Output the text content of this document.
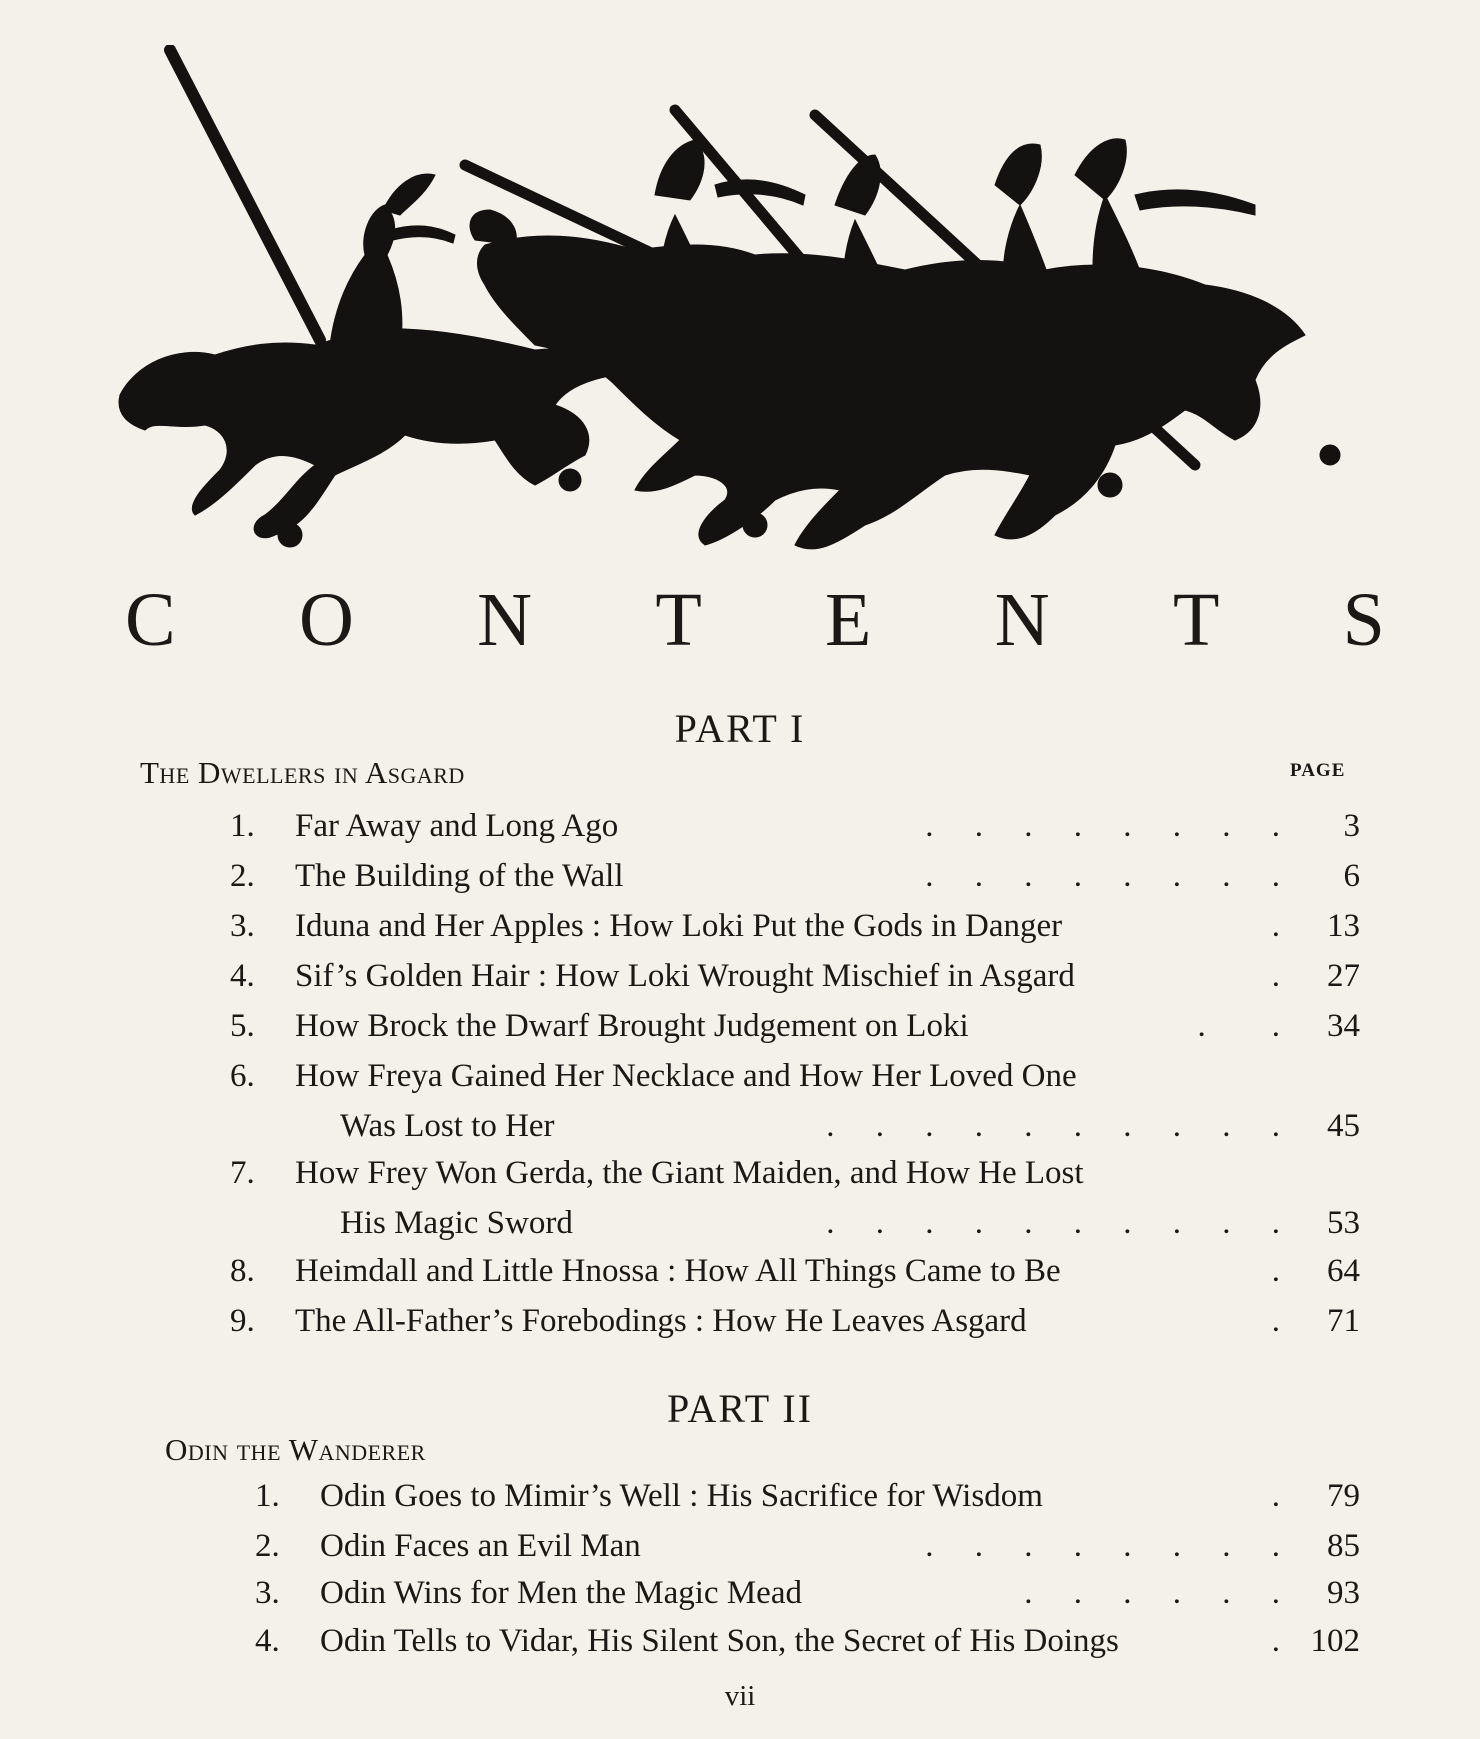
C O N T E N T S
PART I
The Dwellers in Asgard	PAGE
1.	Far Away and Long Ago	.     .     .     .     .     .     .     .	3
2.	The Building of the Wall	.     .     .     .     .     .     .     .	6
3.	Iduna and Her Apples : How Loki Put the Gods in Danger	.	13
4.	Sif’s Golden Hair : How Loki Wrought Mischief in Asgard	.	27
5.	How Brock the Dwarf Brought Judgement on Loki	.        .	34
6.	How Freya Gained Her Necklace and How Her Loved One
Was Lost to Her	.     .     .     .     .     .     .     .     .     .	45
7.	How Frey Won Gerda, the Giant Maiden, and How He Lost
His Magic Sword	.     .     .     .     .     .     .     .     .     .	53
8.	Heimdall and Little Hnossa : How All Things Came to Be	.	64
9.	The All-Father’s Forebodings : How He Leaves Asgard	.	71
PART II
Odin the Wanderer
1.	Odin Goes to Mimir’s Well : His Sacrifice for Wisdom	.	79
2.	Odin Faces an Evil Man	.     .     .     .     .     .     .     .	85
3.	Odin Wins for Men the Magic Mead	.     .     .     .     .     .	93
4.	Odin Tells to Vidar, His Silent Son, the Secret of His Doings	. 102
vii
